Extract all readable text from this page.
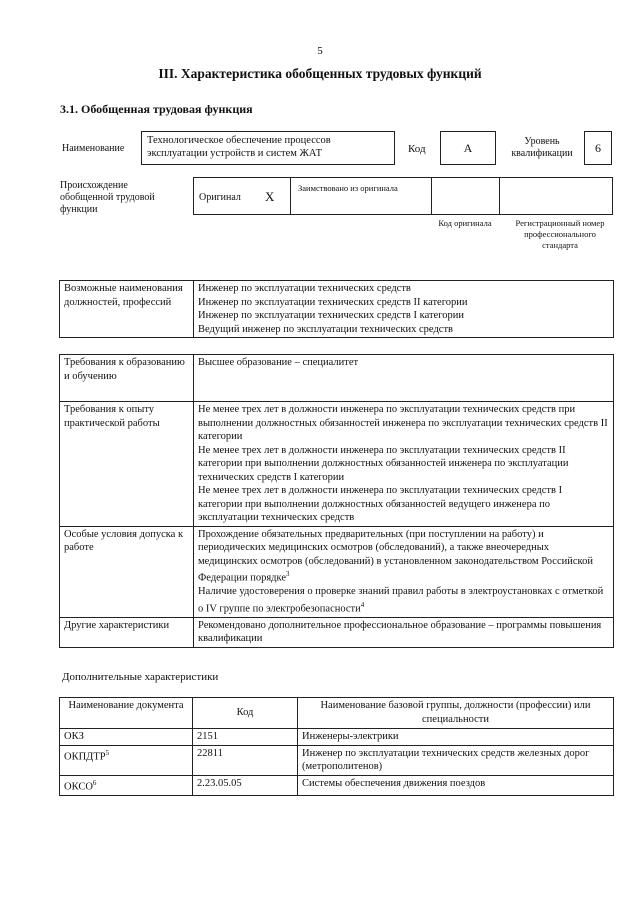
5
III. Характеристика обобщенных трудовых функций
3.1. Обобщенная трудовая функция
Наименование
Технологическое обеспечение процессов эксплуатации устройств и систем ЖАТ	Код	А	Уровень квалификации	6
Происхождение обобщенной трудовой функции
Оригинал X
Заимствовано из оригинала
Код оригинала	Регистрационный номер профессионального стандарта
Возможные наименования должностей, профессий	
Инженер по эксплуатации технических средств
Инженер по эксплуатации технических средств II категории
Инженер по эксплуатации технических средств I категории
Ведущий инженер по эксплуатации технических средств
Требования к образованию и обучению	Высшее образование – специалитет
Требования к опыту практической работы	Не менее трех лет в должности инженера по эксплуатации технических средств при выполнении должностных обязанностей инженера по эксплуатации технических средств II категории
Не менее трех лет в должности инженера по эксплуатации технических средств II категории при выполнении должностных обязанностей инженера по эксплуатации технических средств I категории
Не менее трех лет в должности инженера по эксплуатации технических средств I категории при выполнении должностных обязанностей ведущего инженера по эксплуатации технических средств

Особые условия допуска к работе	Прохождение обязательных предварительных (при поступлении на работу) и периодических медицинских осмотров (обследований), а также внеочередных медицинских осмотров (обследований) в установленном законодательством Российской Федерации порядке$^3$
Наличие удостоверения о проверке знаний правил работы в электроустановках с отметкой о IV группе по электробезопасности$^4$

Другие характеристики	Рекомендовано дополнительное профессиональное образование – программы повышения квалификации
Дополнительные характеристики
Наименование документа	Код	Наименование базовой группы, должности (профессии) или специальности
ОКЗ	2151	Инженеры-электрики
ОКПДТР$^5$	22811	Инженер по эксплуатации технических средств железных дорог (метрополитенов)
ОКСО$^6$	2.23.05.05	Системы обеспечения движения поездов
